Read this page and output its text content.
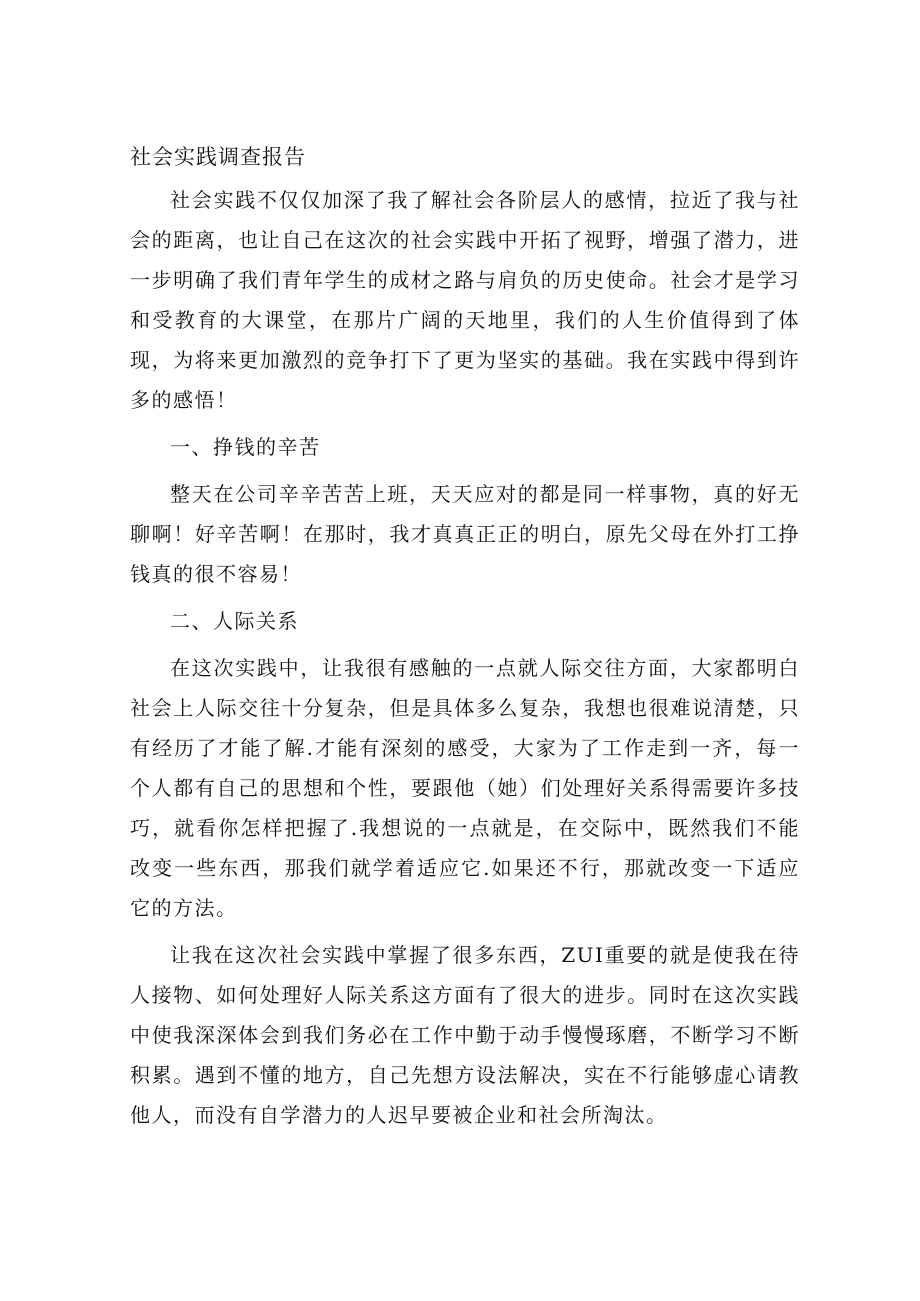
社会实践调查报告

社会实践不仅仅加深了我了解社会各阶层人的感情，拉近了我与社会的距离，也让自己在这次的社会实践中开拓了视野，增强了潜力，进一步明确了我们青年学生的成材之路与肩负的历史使命。社会才是学习和受教育的大课堂，在那片广阔的天地里，我们的人生价值得到了体现，为将来更加激烈的竞争打下了更为坚实的基础。我在实践中得到许多的感悟！

一、挣钱的辛苦

整天在公司辛辛苦苦上班，天天应对的都是同一样事物，真的好无聊啊！好辛苦啊！在那时，我才真真正正的明白，原先父母在外打工挣钱真的很不容易！

二、人际关系

在这次实践中，让我很有感触的一点就人际交往方面，大家都明白社会上人际交往十分复杂，但是具体多么复杂，我想也很难说清楚，只有经历了才能了解.才能有深刻的感受，大家为了工作走到一齐，每一个人都有自己的思想和个性，要跟他（她）们处理好关系得需要许多技巧，就看你怎样把握了.我想说的一点就是，在交际中，既然我们不能改变一些东西，那我们就学着适应它.如果还不行，那就改变一下适应它的方法。

让我在这次社会实践中掌握了很多东西，ZUI重要的就是使我在待人接物、如何处理好人际关系这方面有了很大的进步。同时在这次实践中使我深深体会到我们务必在工作中勤于动手慢慢琢磨，不断学习不断积累。遇到不懂的地方，自己先想方设法解决，实在不行能够虚心请教他人，而没有自学潜力的人迟早要被企业和社会所淘汰。
